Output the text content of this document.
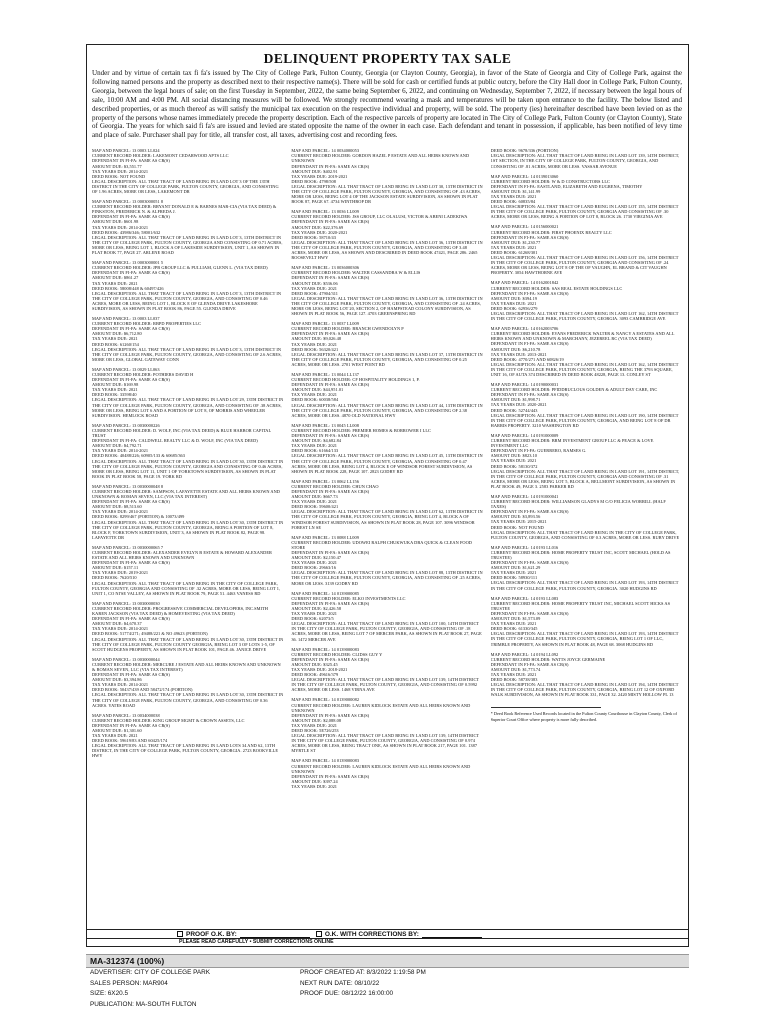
DELINQUENT PROPERTY TAX SALE
Under and by virtue of certain tax fi fa's issued by The City of College Park, Fulton County, Georgia (or Clayton County, Georgia), in favor of the State of Georgia and City of College Park, against the following named persons and the property as described next to their respective name(s). There will be sold for cash or certified funds at public outcry, before the City Hall door in College Park, Fulton County, Georgia, between the legal hours of sale; on the first Tuesday in September, 2022, the same being September 6, 2022, and continuing on Wednesday, September 7, 2022, if necessary between the legal hours of sale, 10:00 AM and 4:00 PM. All social distancing measures will be followed. We strongly recommend wearing a mask and temperatures will be taken upon entrance to the facility. The below listed and described properties, or as much thereof as will satisfy the municipal tax execution on the respective individual and property, will be sold. The property (ies) hereinafter described have been levied on as the property of the persons whose names immediately precede the property description. Each of the respective parcels of property are located in The City of College Park, Fulton County (or Clayton County), State of Georgia. The years for which said fi fa's are issued and levied are stated opposite the name of the owner in each case. Each defendant and tenant in possession, if applicable, has been notified of levy time and place of sale. Purchaser shall pay for title, all transfer cost, all taxes, advertising cost and recording fees.
MAP AND PARCEL: 13 0003 LL024
CURRENT RECORD HOLDER: LAKEMONT CEDARWOOD APTS LLC
DEFENDANT IN FI-FA: SAME AS CR(S)
AMOUNT DUE: $3,551.77
TAX YEARS DUE: 2014-2021
DEED BOOK: NOT FOUND
LEGAL DESCRIPTION: ALL THAT TRACT OF LAND BEING IN LAND LOT 3 OF THE 13TH DISTRICT IN THE CITY OF COLLEGE PARK, FULTON COUNTY, GEORGIA, AND CONSISTING OF 1.96 ACRES, MORE OR LESS, LAKEMONT DR
MAP AND PARCEL: 13 0003000051 8
CURRENT RECORD HOLDER: BRYANT DONALD E & BARNES MAR-CIA (VIA TAX DEED) & PINKSTON, FREDERICK N. & ALFREDA J.
DEFENDANT IN FI-FA: SAME AS CR(S)
AMOUNT DUE: $601.98
TAX YEARS DUE: 2014-2021
DEED BOOK: 43986/346; 58001/632
LEGAL DESCRIPTION: ALL THAT TRACT OF LAND BEING IN LAND LOT 3, 13TH DISTRICT IN THE CITY OF COLLEGE PARK, FULTON COUNTY, GEORGIA AND CONSISTING OF 0.71 ACRES, MORE OR LESS, BEING LOT 1, BLOCK A OF LAKESIDE SUBDIVISION, UNIT 1, AS SHOWN IN PLAT BOOK 77, PAGE 27. ARLENE ROAD
MAP AND PARCEL: 13 0003000001 5
CURRENT RECORD HOLDER: JPB GROUP LLC & PULLIAM, GLENN L. (VIA TAX DEED)
DEFENDANT IN FI-FA: SAME AS CR(S)
AMOUNT DUE: $861.27
TAX YEARS DUE: 2021
DEED BOOK: 58008/448 & 60497/426
LEGAL DESCRIPTION: ALL THAT TRACT OF LAND BEING IN LAND LOT 3, 13TH DISTRICT IN THE CITY OF COLLEGE PARK, FULTON COUNTY, GEORGIA, AND CONSISTING OF 0.46 ACRES, MORE OR LESS, BEING LOT 1, BLOCK E OF GLENDA DRIVE LAKESHORE SUBDIVISION, AS SHOWN IN PLAT BOOK 86, PAGE 55. GLENDA DRIVE
MAP AND PARCEL: 13 0003 LL037
CURRENT RECORD HOLDER: RBPD PROPERTIES LLC
DEFENDANT IN FI-FA: SAME AS CR(S)
AMOUNT DUE: $6,712.80
TAX YEARS DUE: 2021
DEED BOOK: 61260/154
LEGAL DESCRIPTION: ALL THAT TRACT OF LAND BEING IN LAND LOT 3, 13TH DISTRICT IN THE CITY OF COLLEGE PARK, FULTON COUNTY, GEORGIA, AND CONSISTING OF 2.6 ACRES, MORE OR LESS, GLOBAL GATEWAY CONN
MAP AND PARCEL: 13 0029 LL063
CURRENT RECORD HOLDER: POTHIERS DAVID H
DEFENDANT IN FI-FA: SAME AS CR(S)
AMOUNT DUE: $169.98
TAX YEARS DUE: 2021
DEED BOOK: 33598/40
LEGAL DESCRIPTION: ALL THAT TRACT OF LAND BEING IN LAND LOT 29, 13TH DISTRICT IN THE CITY OF COLLEGE PARK, FULTON COUNTY, GEORGIA, AND CONSISTING OF .38 ACRES, MORE OR LESS, BEING LOT 6 AND A PORTION OF LOT 8, OF MORRIS AND WHEELER SUBDIVISION. HEMLOCK ROAD
MAP AND PARCEL: 13 0030000226
CURRENT RECORD HOLDER: D. WOLF, INC (VIA TAX DEED) & BLUE HARBOR CAPITAL TRUST
DEFENDANT IN FI-FA: CALDWELL REALTY LLC & D. WOLF, INC (VIA TAX DEED)
AMOUNT DUE: $4,792.71
TAX YEARS DUE: 2014-2021
DEED BOOK: 40488/226; 60905/133 & 60685/363
LEGAL DESCRIPTION: ALL THAT TRACT OF LAND BEING IN LAND LOT 30, 13TH DISTRICT IN THE CITY OF COLLEGE PARK, FULTON COUNTY, GEORGIA AND CONSISTING OF 0.46 ACRES, MORE OR LESS, BEING LOT 11, UNIT 1 OF YORKTOWN SUBDIVISION, AS SHOWN IN PLAT BOOK IN PLAT BOOK 58, PAGE 19. YORK RD
MAP AND PARCEL: 13 0030000048 8
CURRENT RECORD HOLDER: SAMPSON, LAFAYETTE ESTATE AND ALL HEIRS KNOWN AND UNKNOWN & ROMAN SEVEN, LLC (VIA TAX INTEREST)
DEFENDANT IN FI-FA: SAME AS CR(S)
AMOUNT DUE: $8,513.60
TAX YEARS DUE: 2014-2021
DEED BOOK: 8299/467 (PORTION) & 10073/499
LEGAL DESCRIPTION: ALL THAT TRACT OF LAND BEING IN LAND LOT 30, 13TH DISTRICT IN THE CITY OF COLLEGE PARK, FULTON COUNTY, GEORGIA, BEING A PORTION OF LOT 8, BLOCK F, YORKTOWN SUBDIVISION, UNIT 3, AS SHOWN IN PLAT BOOK 82, PAGE 98. LAFAYETTE DR
MAP AND PARCEL: 13 0030000065 7
CURRENT RECORD HOLDER: ALEXANDER EVELYN B ESTATE & HOWARD ALEXANDER ESTATE AND ALL HEIRS KNOWN AND UNKNOWN
DEFENDANT IN FI-FA: SAME AS CR(S)
AMOUNT DUE: $157.11
TAX YEARS DUE: 2019-2021
DEED BOOK: 7620/510
LEGAL DESCRIPTION: ALL THAT TRACT OF LAND BEING IN THE CITY OF COLLEGE PARK, FULTON COUNTY, GEORGIA AND CONSISTING OF .32 ACRES, MORE OR LESS, BEING LOT 1, UNIT 1, CO NI'SE VALLEY, AS SHOWN IN PLAT BOOK 79, PAGE 51. 4463 VANESS RD
MAP AND PARCEL: 13 0030000030
CURRENT RECORD HOLDER: PROGRESSIVE COMMERCIAL DEVELOPERS, INC.SMITH KAREN JACKSON (VIA TAX DEED) & HOMEVESTING (VIA TAX DEED)
DEFENDANT IN FI-FA: SAME AS CR(S)
AMOUNT DUE: $4,670.37
TAX YEARS DUE: 2014-2021
DEED BOOK: 51774/271; 49488/221 & NO 49623 (PORTION)
LEGAL DESCRIPTION: ALL THAT TRACT OF LAND BEING IN LAND LOT 30, 13TH DISTRICT IN THE CITY OF COLLEGE PARK, FULTON COUNTY GEORGIA, BEING LOT 3 OF LOTS 1-5, OF SCOTT HUDGENS PROPERTY, AS SHOWN IN PLAT BOOK 101, PAGE 46. JANICE DRIVE
MAP AND PARCEL: 13 0030000044
CURRENT RECORD HOLDER: MERCURE J ESTATE AND ALL HEIRS KNOWN AND UNKNOWN & ROMAN SEVEN, LLC (VIA TAX INTEREST)
DEFENDANT IN FI-FA: SAME AS CR(S)
AMOUNT DUE: $3,394.86
TAX YEARS DUE: 2014-2021
DEED BOOK: 50437/439 AND 58472/174 (PORTION)
LEGAL DESCRIPTION: ALL THAT TRACT OF LAND BEING IN LAND LOT 30, 13TH DISTRICT IN THE CITY OF COLLEGE PARK, FULTON COUNTY, GEORGIA, AND CONSISTING OF 0.36 ACRES. YATES ROAD
MAP AND PARCEL: 13 0034000038
CURRENT RECORD HOLDER: KING GROUP MGMT & CROWN ASSETS, LLC
DEFENDANT IN FI-FA: SAME AS CR(S)
AMOUNT DUE: $1,301.60
TAX YEARS DUE: 2021
DEED BOOK: 59619/83 AND 60425/174
LEGAL DESCRIPTION: ALL THAT TRACT OF LAND BEING IN LAND LOTS 34 AND 62, 13TH DISTRICT, IN THE CITY OF COLLEGE PARK, FULTON COUNTY, GEORGIA. 2723 BOOKVILLE HWY
MAP AND PARCEL: 14 0034000053
CURRENT RECORD HOLDER: GORDON HAZEL P ESTATE AND ALL HEIRS KNOWN AND UNKNOWN
DEFENDANT IN FI-FA: SAME AS CR(S)
AMOUNT DUE: $402.91
TAX YEARS DUE: 2019-2021
DEED BOOK: 4798/508
LEGAL DESCRIPTION: ALL THAT TRACT OF LAND BEING IN LAND LOT 30, 13TH DISTRICT IN THE CITY OF COLLEGE PARK, FULTON COUNTY, GEORGIA, AND CONSISTING OF .43 ACRES, MORE OR LESS, BEING LOT 4 OF THE JACKSON ESTATE SUBDIVISION, AS SHOWN IN PLAT BOOK 87, PAGE 67. 4734 WINTHROP DR
MAP AND PARCEL: 13 0036 LL009
CURRENT RECORD HOLDER: JSS GROUP, LLC OLALUSI, VICTOR & ABENI LADEKIWA
DEFENDANT IN FI-FA: SAME AS CR(S)
AMOUNT DUE: $22,376.69
TAX YEARS DUE: 2020-2021
DEED BOOK: 58710/43
LEGAL DESCRIPTION: ALL THAT TRACT OF LAND BEING IN LAND LOT 36, 13TH DISTRICT IN THE CITY OF COLLEGE PARK, FULTON COUNTY, GEORGIA, AND CONSISTING OF 3.48 ACRES, MORE OR LESS, AS SHOWN AND DESCRIBED IN DEED BOOK 47421, PAGE 286. 2465 ROOSEVELT HWY
MAP AND PARCEL: 13 0036000306
CURRENT RECORD HOLDER: WALTER CASSANDRA W & ELLIS
DEFENDANT IN FI-FA: SAME AS CR(S)
AMOUNT DUE: $536.06
TAX YEARS DUE: 2021
DEED BOOK: 47904/311
LEGAL DESCRIPTION: ALL THAT TRACT OF LAND BEING IN LAND LOT 36, 13TH DISTRICT IN THE CITY OF COLLEGE PARK, FULTON COUNTY, GEORGIA, AND CONSISTING OF .24 ACRES, MORE OR LESS, BEING LOT 20, SECTION 2, OF HAMPSTEAD COLONY SUBDIVISION, AS SHOWN IN PLAT BOOK 56, PAGE 127. 4703 GREENSPRING RD
MAP AND PARCEL: 13 0037 LL009
CURRENT RECORD HOLDER: BRANCH GWENDOLYN P
DEFENDANT IN FI-FA: SAME AS CR(S)
AMOUNT DUE: $9,026.48
TAX YEARS DUE: 2021
DEED BOOK: 56320/421
LEGAL DESCRIPTION: ALL THAT TRACT OF LAND BEING IN LAND LOT 37, 13TH DISTRICT IN THE CITY OF COLLEGE PARK, FULTON COUNTY, GEORGIA, AND CONSISTING OF 0.25 ACRES, MORE OR LESS. 2701 WEST POINT RD
MAP AND PARCEL: 13 0044 LL137
CURRENT RECORD HOLDER: CF HOSPITALITY HOLDINGS 1, P.
DEFENDANT IN FI-FA: SAME AS CR(S)
AMOUNT DUE: $44,951.01
TAX YEARS DUE: 2021
DEED BOOK: 60038/584
LEGAL DESCRIPTION: ALL THAT TRACT OF LAND BEING IN LAND LOT 44, 13TH DISTRICT IN THE CITY OF COLLEGE PARK, FULTON COUNTY, GEORGIA, AND CONSISTING OF 2.38 ACRES, MORE OR LESS. 4870 OLD NATIONAL HWY
MAP AND PARCEL: 13 0045 LL008
CURRENT RECORD HOLDER: PREMIER HOMES & BORROWER I LLC
DEFENDANT IN FI-FA: SAME AS CR(S)
AMOUNT DUE: $4,682.84
TAX YEARS DUE: 2021
DEED BOOK: 61664/133
LEGAL DESCRIPTION: ALL THAT TRACT OF LAND BEING IN LAND LOT 45, 13TH DISTRICT IN THE CITY OF COLLEGE PARK, FULTON COUNTY, GEORGIA, AND CONSISTING OF 0.47 ACRES, MORE OR LESS, BEING LOT 4, BLOCK E OF WINDSOR FOREST SUBDIVISION, AS SHOWN IN PLAT BOOK 228, PAGE 107. 2823 GODBY RD
MAP AND PARCEL: 13 0062 LL156
CURRENT RECORD HOLDER: CHUN CHAO
DEFENDANT IN FI-FA: SAME AS CR(S)
AMOUNT DUE: $667.73
TAX YEARS DUE: 2021
DEED BOOK: 59600/421
LEGAL DESCRIPTION: ALL THAT TRACT OF LAND BEING IN LAND LOT 62, 13TH DISTRICT IN THE CITY OF COLLEGE PARK, FULTON COUNTY, GEORGIA, BEING LOT 4, BLOCK A OF WINDSOR FOREST SUBDIVISION, AS SHOWN IN PLAT BOOK 28, PAGE 107. 3096 WINDSOR FOREST LN SE
MAP AND PARCEL: 13 0088 LL009
CURRENT RECORD HOLDER: UDOWEI RALPH CHUKWUKA DBA QUICK & CLEAN FOOD STORE
DEFENDANT IN FI-FA: SAME AS CR(S)
AMOUNT DUE: $2,150.47
TAX YEARS DUE: 2021
DEED BOOK: 29663/16
LEGAL DESCRIPTION: ALL THAT TRACT OF LAND BEING IN LAND LOT 88, 13TH DISTRICT IN THE CITY OF COLLEGE PARK, FULTON COUNTY, GEORGIA, AND CONSISTING OF .25 ACRES, MORE OR LESS. 3139 GODBY RD
MAP AND PARCEL: 14 0139000085
CURRENT RECORD HOLDER: ELKO INVESTMENTS LLC
DEFENDANT IN FI-FA: SAME AS CR(S)
AMOUNT DUE: $2,426.58
TAX YEARS DUE: 2021
DEED BOOK: 62073/5
LEGAL DESCRIPTION: ALL THAT TRACT OF LAND BEING IN LAND LOT 100, 14TH DISTRICT IN THE CITY OF COLLEGE PARK, FULTON COUNTY, GEORGIA, AND CONSISTING OF .18 ACRES, MORE OR LESS, BEING LOT 7 OF MERCER PARK, AS SHOWN IN PLAT BOOK 27, PAGE 36. 1472 MERCER AVE
MAP AND PARCEL: 14 0139000083
CURRENT RECORD HOLDER: CLIDSS GUY Y
DEFENDANT IN FI-FA: SAME AS CR(S)
AMOUNT DUE: $325.45
TAX YEARS DUE: 2018-2021
DEED BOOK: 49616/379
LEGAL DESCRIPTION: ALL THAT TRACT OF LAND BEING IN LAND LOT 139, 14TH DISTRICT IN THE CITY OF COLLEGE PARK, FULTON COUNTY, GEORGIA, AND CONSISTING OF 0.5992 ACRES, MORE OR LESS. 1468 VIRNA AVE
MAP AND PARCEL: 14 0139000082
CURRENT RECORD HOLDER: LAUREN KIDLOCK ESTATE AND ALL HEIRS KNOWN AND UNKNOWN
DEFENDANT IN FI-FA: SAME AS CR(S)
AMOUNT DUE: $2,088.08
TAX YEARS DUE: 2021
DEED BOOK: 5E726/253
LEGAL DESCRIPTION: ALL THAT TRACT OF LAND BEING IN LAND LOT 139, 14TH DISTRICT IN THE CITY OF COLLEGE PARK, FULTON COUNTY, GEORGIA, AND CONSISTING OF 0.974 ACRES, MORE OR LESS, BEING TRACT ONE, AS SHOWN IN PLAT BOOK 217, PAGE 101. 1387 MYRTLE ST
MAP AND PARCEL: 14 0139000083
CURRENT RECORD HOLDER: LAUREN KIDLOCK ESTATE AND ALL HEIRS KNOWN AND UNKNOWN
DEFENDANT IN FI-FA: SAME AS CR(S)
AMOUNT DUE: $397.24
TAX YEARS DUE: 2021
DEED BOOK: 9678/336 (PORTION)
LEGAL DESCRIPTION: ALL THAT TRACT OF LAND BEING IN LAND LOT 139, 14TH DISTRICT, 1ST SECTION, IN THE CITY OF COLLEGE PARK, FULTON COUNTY, GEORGIA, AND CONSISTING OF .81 ACRES, MORE OR LESS. VASSAR AVENUE
MAP AND PARCEL: 14 0139013060
CURRENT RECORD HOLDER: W & D CONSTRUCTORS LLC
DEFENDANT IN FI-FA: EASTLAND, ELIZABETH AND EUGRENA, TIMOTHY
AMOUNT DUE: $1,141.99
TAX YEARS DUE: 2021
DEED BOOK: 60835/84
LEGAL DESCRIPTION: ALL THAT TRACT OF LAND BEING IN LAND LOT 155, 14TH DISTRICT IN THE CITY OF COLLEGE PARK, FULTON COUNTY, GEORGIA AND CONSISTING OF .30 ACRES, MORE OR LESS, BEING A PORTION OF LOT 8, BLOCK 26. 1730 VIRGINIA AVE
MAP AND PARCEL: 14 0156000021
CURRENT RECORD HOLDER: FIRST PHOENIX REALTY LLC
DEFENDANT IN FI-FA: SAME AS CR(S)
AMOUNT DUE: $1,230.77
TAX YEARS DUE: 2021
DEED BOOK: 61268/301
LEGAL DESCRIPTION: ALL THAT TRACT OF LAND BEING IN LAND LOT 156, 14TH DISTRICT IN THE CITY OF COLLEGE PARK, FULTON COUNTY, GEORGIA AND CONSISTING OF .24 ACRES, MORE OR LESS, BEING LOT 8 OF THE OF VAUGHN, EL BRAND & CIT VAUGHN PROPERTY. 3054 HAWTHORNE AVE
MAP AND PARCEL: 14 0162001842
CURRENT RECORD HOLDER: SAS REAL ESTATE HOLDINGS LLC
DEFENDANT IN FI-FA: SAME AS CR(S)
AMOUNT DUE: $394.19
TAX YEARS DUE: 2021
DEED BOOK: 62956/279
LEGAL DESCRIPTION: ALL THAT TRACT OF LAND BEING IN LAND LOT 162, 14TH DISTRICT IN THE CITY OF COLLEGE PARK, FULTON COUNTY, GEORGIA. 3093 CAMBRIDGE AVE
MAP AND PARCEL: 14 0162003706
CURRENT RECORD HOLDER: EVANS FREDERICK WALTER & NANCY A ESTATES AND ALL HEIRS KNOWN AND UNKNOWN & MARCHANY, JEZEREEL RC (VIA TAX DEED)
DEFENDANT IN FI-FA: SAME AS CR(S)
AMOUNT DUE: $6,210.78
TAX YEARS DUE: 2013-2021
DEED BOOK: 4770/271 AND 60826/19
LEGAL DESCRIPTION: ALL THAT TRACT OF LAND BEING IN LAND LOT 162, 14TH DISTRICT IN THE CITY OF COLLEGE PARK, FULTON COUNTY, GEORGIA, BEING THE 3793 SQUARE, UNIT 16, OF AUTA 374 DESCRIBED IN DEED BOOK 48228, PAGE 13. CONLEY ST
MAP AND PARCEL: 14 0190000031
CURRENT RECORD HOLDER: PFIDDRUCLOUS GOLDEN & ADULT DAY CARE, INC
DEFENDANT IN FI-FA: SAME AS CR(S)
AMOUNT DUE: $1,998.71
TAX YEARS DUE: 2020-2021
DEED BOOK: 52744/443
LEGAL DESCRIPTION: ALL THAT TRACT OF LAND BEING IN LAND LOT 190, 14TH DISTRICT IN THE CITY OF COLLEGE PARK, FULTON COUNTY, GEORGIA, AND BEING LOT 8 OF DR HARRIS PROPERTY. 3210 WASHINGTON RD
MAP AND PARCEL: 14 0191000009
CURRENT RECORD HOLDER: BRM INVESTMENT GROUP LLC & PEACE & LOVE INVESTMENT LLC
DEFENDANT IN FI-FA: GUERRERO, RAMSES G.
AMOUNT DUE: $823.10
TAX YEARS DUE: 2021
DEED BOOK: 58130/372
LEGAL DESCRIPTION: ALL THAT TRACT OF LAND BEING IN LAND LOT 191, 14TH DISTRICT, IN THE CITY OF COLLEGE PARK, FULTON COUNTY, GEORGIA AND CONSISTING OF .31 ACRES, MORE OR LESS, BEING LOT 5, BLOCK A, BELLMONT SUBDIVISION, AS SHOWN IN PLAT BOOK 49, PAGE 3. 2583 PARKER RD
MAP AND PARCEL: 14 0191000041
CURRENT RECORD HOLDER: WILLIAMSON GLADYS M C/O FELICIA WORRILL (HALF TAXES)
DEFENDANT IN FI-FA: SAME AS CR(S)
AMOUNT DUE: $3,893.56
TAX YEARS DUE: 2015-2021
DEED BOOK: NOT FOUND
LEGAL DESCRIPTION: ALL THAT TRACT OF LAND BEING IN THE CITY OF COLLEGE PARK, FULTON COUNTY, GEORGIA, AND CONSISTING OF 0.3 ACRES, MORE OR LESS. RUBY DRIVE
MAP AND PARCEL: 14 0193 LL016
CURRENT RECORD HOLDER: HOME PROPERTY TRUST INC, SCOTT MICHAEL (HOLD AS TRUSTEE)
DEFENDANT IN FI-FA: SAME AS CR(S)
AMOUNT DUE: $1,621.29
TAX YEARS DUE: 2021
DEED BOOK: 58930/111
LEGAL DESCRIPTION: ALL THAT TRACT OF LAND BEING IN LAND LOT 193, 14TH DISTRICT IN THE CITY OF COLLEGE PARK, FULTON COUNTY, GEORGIA. 3020 HUDGINS RD
MAP AND PARCEL: 14 0193 LL083
CURRENT RECORD HOLDER: HOME PROPERTY TRUST INC, MICHAEL SCOTT HICKS AS TRUSTEE
DEFENDANT IN FI-FA: SAME AS CR(S)
AMOUNT DUE: $1,573.09
TAX YEARS DUE: 2021
DEED BOOK: 61330/345
LEGAL DESCRIPTION: ALL THAT TRACT OF LAND BEING IN LAND LOT 193, 14TH DISTRICT IN THE CITY OF COLLEGE PARK, FULTON COUNTY, GEORGIA, BEING LOT 1 OF LLC, TRIMBLE PROPERTY, AS SHOWN IN PLAT BOOK 48, PAGE 68. 3068 HUDGINS RD
MAP AND PARCEL: 14 0194 LL092
CURRENT RECORD HOLDER: WATTS JOYCE GERMAINE
DEFENDANT IN FI-FA: SAME AS CR(S)
AMOUNT DUE: $1,773.74
TAX YEARS DUE: 2021
DEED BOOK: 58738/383
LEGAL DESCRIPTION: ALL THAT TRACT OF LAND BEING IN LAND LOT 194, 14TH DISTRICT IN THE CITY OF COLLEGE PARK, FULTON COUNTY, GEORGIA, BEING LOT 12 OF OXFORD WALK SUBDIVISION, AS SHOWN IN PLAT BOOK 331, PAGE 32. 2420 MISTY HOLLOW PL 13
* Deed Book Reference Used Records located in the Fulton County Courthouse in Clayton County, Clerk of Superior Court Office where property is more fully described.
PROOF O.K. BY:	O.K. WITH CORRECTIONS BY:
PLEASE READ CAREFULLY • SUBMIT CORRECTIONS ONLINE
MA-312374 (100%)
ADVERTISER: CITY OF COLLEGE PARK	PROOF CREATED AT: 8/3/2022 1:19:58 PM
SALES PERSON: MAR904	NEXT RUN DATE: 08/10/22
SIZE: 6X20.5	PROOF DUE: 08/12/22 16:00:00
PUBLICATION: MA-SOUTH FULTON
